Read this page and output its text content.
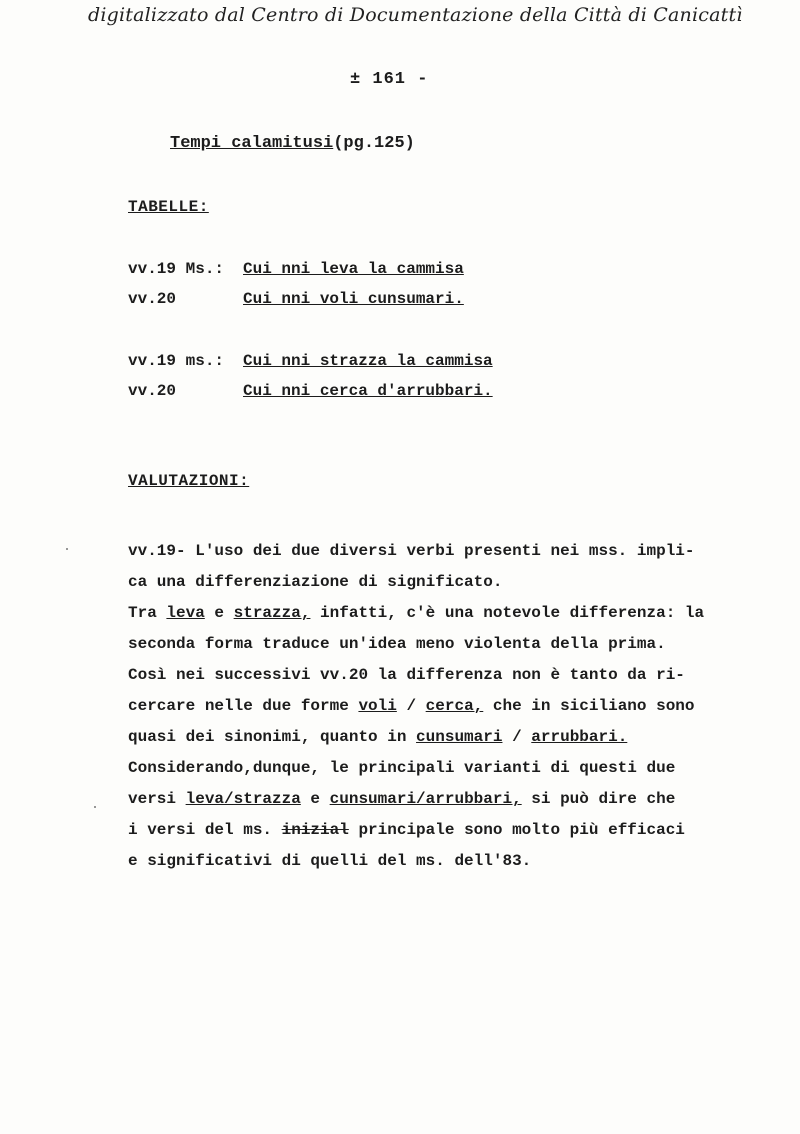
digitalizzato dal Centro di Documentazione della Città di Canicattì
± 161 -
Tempi calamitusi(pg.125)
TABELLE:
vv.19 Ms.: Cui nni leva la cammisa
vv.20	Cui nni voli cunsumari.
vv.19 ms.: Cui nni strazza la cammisa
vv.20	Cui nni cerca d'arrubbari.
VALUTAZIONI:
vv.19- L'uso dei due diversi verbi presenti nei mss. impli-
ca una differenziazione di significato.
Tra leva e strazza, infatti, c'è una notevole differenza: la
seconda forma traduce un'idea meno violenta della prima.
Così nei successivi vv.20 la differenza non è tanto da ri-
cercare nelle due forme voli / cerca, che in siciliano sono
quasi dei sinonimi, quanto in cunsumari / arrubbari.
Considerando,dunque, le principali varianti di questi due
versi leva/strazza e cunsumari/arrubbari, si può dire che
i versi del ms. inizial principale sono molto più efficaci
e significativi di quelli del ms. dell'83.
